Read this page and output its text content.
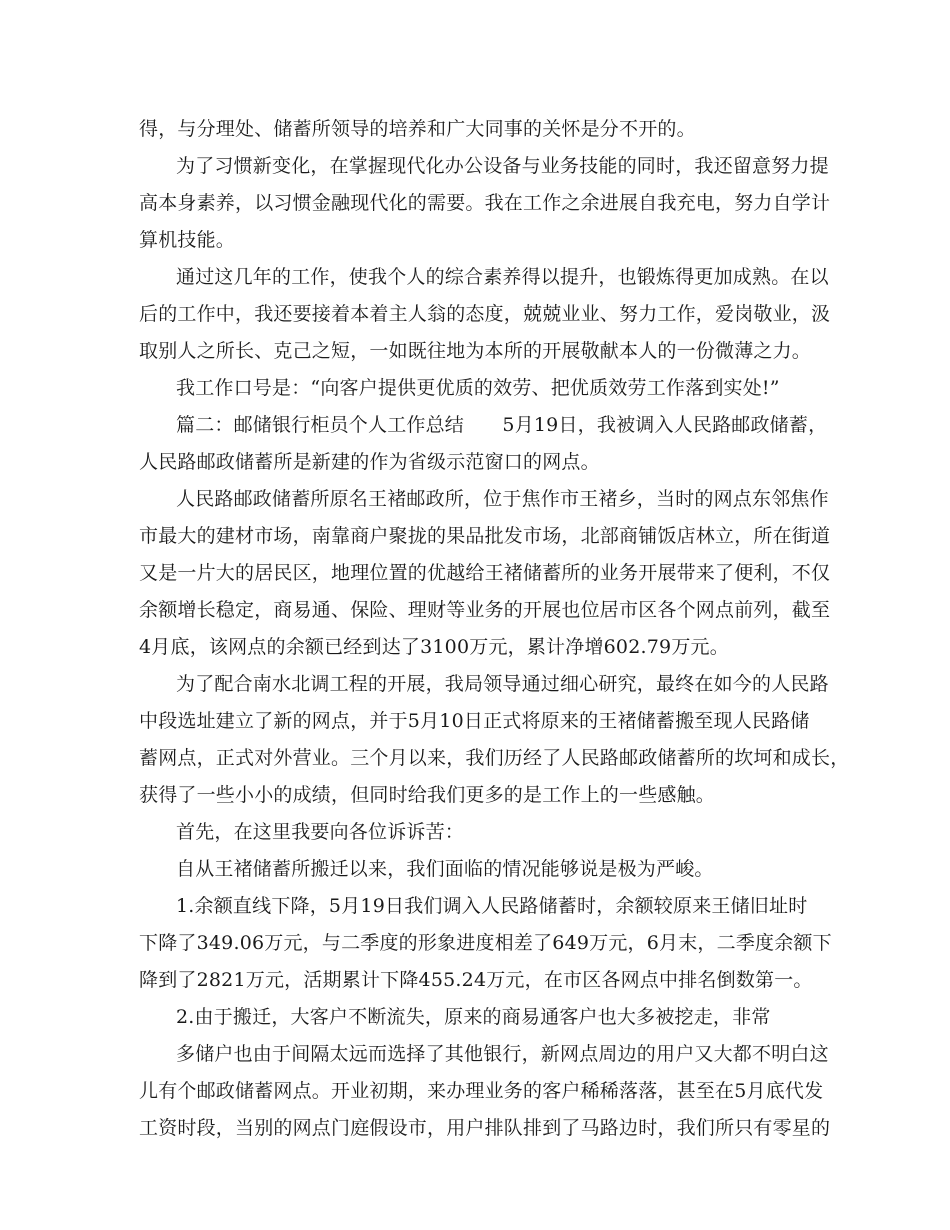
得，与分理处、储蓄所领导的培养和广大同事的关怀是分不开的。
为了习惯新变化，在掌握现代化办公设备与业务技能的同时，我还留意努力提
高本身素养，以习惯金融现代化的需要。我在工作之余进展自我充电，努力自学计
算机技能。
通过这几年的工作，使我个人的综合素养得以提升，也锻炼得更加成熟。在以
后的工作中，我还要接着本着主人翁的态度，兢兢业业、努力工作，爱岗敬业，汲
取别人之所长、克己之短，一如既往地为本所的开展敬献本人的一份微薄之力。
我工作口号是：“向客户提供更优质的效劳、把优质效劳工作落到实处!”
篇二：邮储银行柜员个人工作总结　　5月19日，我被调入人民路邮政储蓄，
人民路邮政储蓄所是新建的作为省级示范窗口的网点。
人民路邮政储蓄所原名王褚邮政所，位于焦作市王褚乡，当时的网点东邻焦作
市最大的建材市场，南靠商户聚拢的果品批发市场，北部商铺饭店林立，所在街道
又是一片大的居民区，地理位置的优越给王褚储蓄所的业务开展带来了便利，不仅
余额增长稳定，商易通、保险、理财等业务的开展也位居市区各个网点前列，截至
4月底，该网点的余额已经到达了3100万元，累计净增602.79万元。
为了配合南水北调工程的开展，我局领导通过细心研究，最终在如今的人民路
中段选址建立了新的网点，并于5月10日正式将原来的王褚储蓄搬至现人民路储
蓄网点，正式对外营业。三个月以来，我们历经了人民路邮政储蓄所的坎坷和成长，
获得了一些小小的成绩，但同时给我们更多的是工作上的一些感触。
首先，在这里我要向各位诉诉苦：
自从王褚储蓄所搬迁以来，我们面临的情况能够说是极为严峻。
1.余额直线下降，5月19日我们调入人民路储蓄时，余额较原来王储旧址时
下降了349.06万元，与二季度的形象进度相差了649万元，6月末，二季度余额下
降到了2821万元，活期累计下降455.24万元，在市区各网点中排名倒数第一。
2.由于搬迁，大客户不断流失，原来的商易通客户也大多被挖走，非常
多储户也由于间隔太远而选择了其他银行，新网点周边的用户又大都不明白这
儿有个邮政储蓄网点。开业初期，来办理业务的客户稀稀落落，甚至在5月底代发
工资时段，当别的网点门庭假设市，用户排队排到了马路边时，我们所只有零星的
